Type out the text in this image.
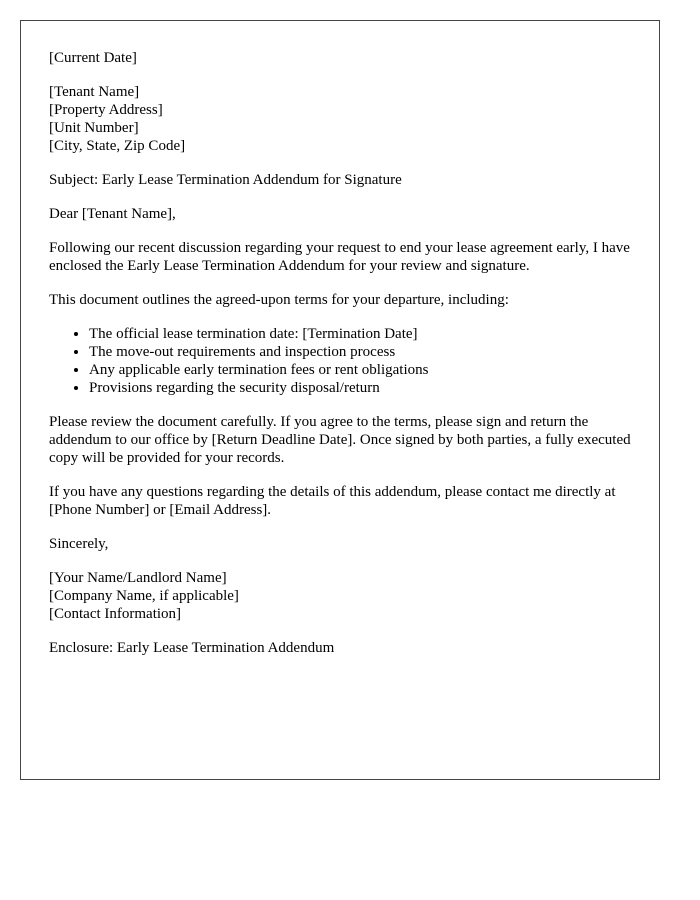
[Current Date]

[Tenant Name]
[Property Address]
[Unit Number]
[City, State, Zip Code]

Subject: Early Lease Termination Addendum for Signature

Dear [Tenant Name],

Following our recent discussion regarding your request to end your lease agreement early, I have enclosed the Early Lease Termination Addendum for your review and signature.

This document outlines the agreed-upon terms for your departure, including:

• The official lease termination date: [Termination Date]
• The move-out requirements and inspection process
• Any applicable early termination fees or rent obligations
• Provisions regarding the security disposal/return

Please review the document carefully. If you agree to the terms, please sign and return the addendum to our office by [Return Deadline Date]. Once signed by both parties, a fully executed copy will be provided for your records.

If you have any questions regarding the details of this addendum, please contact me directly at [Phone Number] or [Email Address].

Sincerely,

[Your Name/Landlord Name]
[Company Name, if applicable]
[Contact Information]

Enclosure: Early Lease Termination Addendum
